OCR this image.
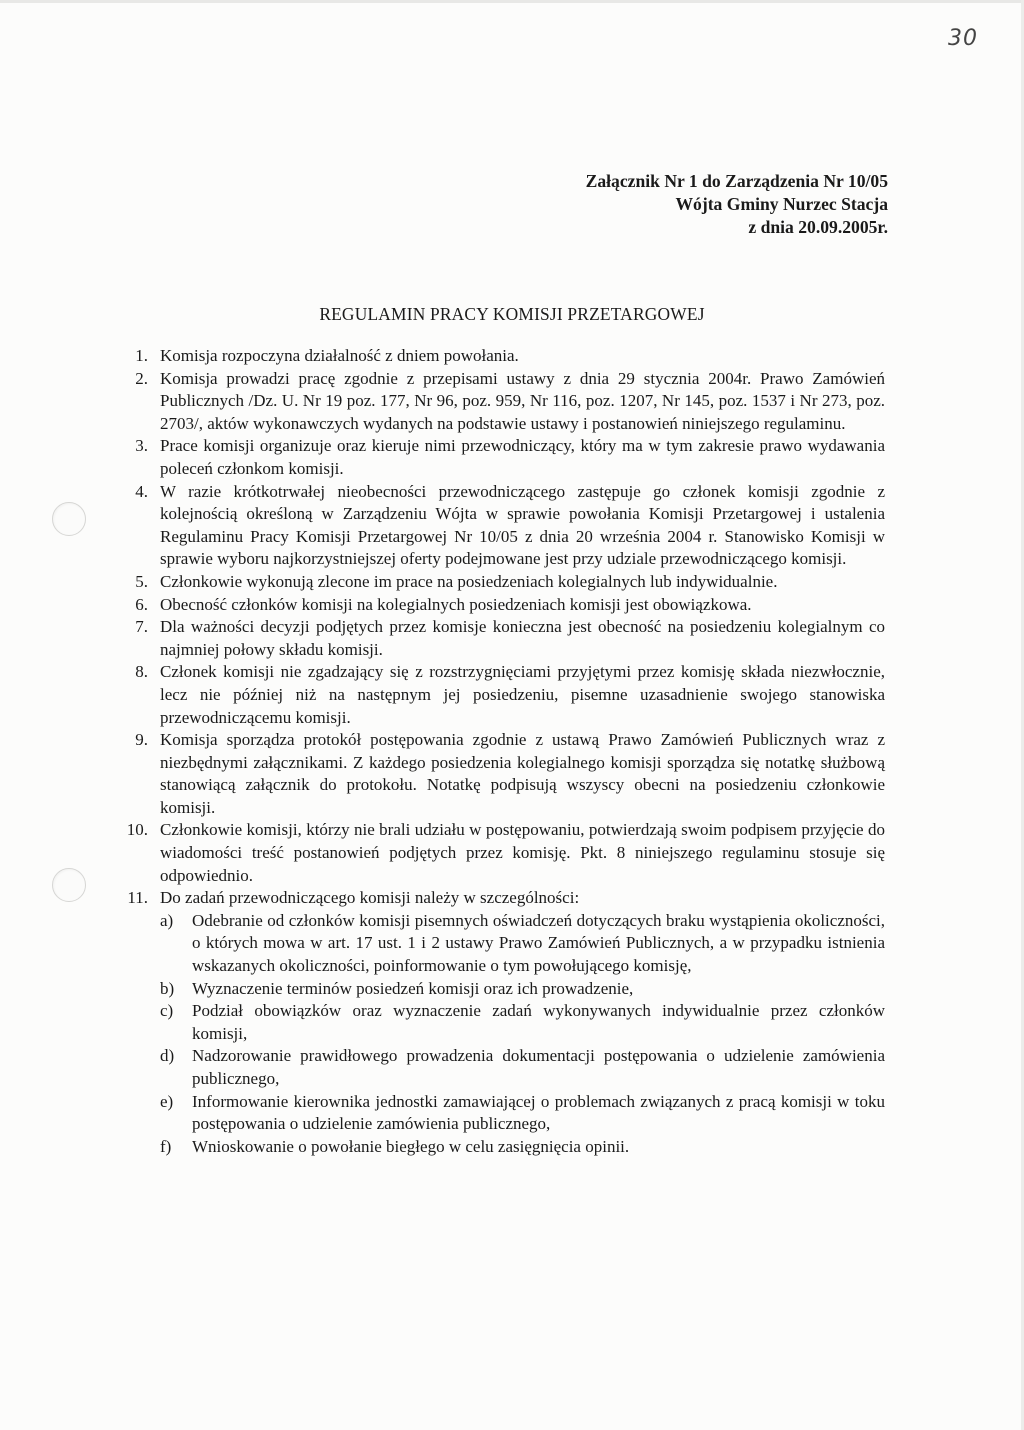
30
Załącznik Nr 1 do Zarządzenia Nr 10/05
Wójta Gminy Nurzec Stacja
z dnia 20.09.2005r.
REGULAMIN PRACY KOMISJI PRZETARGOWEJ
1. Komisja rozpoczyna działalność z dniem powołania.
2. Komisja prowadzi pracę zgodnie z przepisami ustawy z dnia 29 stycznia 2004r. Prawo Zamówień Publicznych /Dz. U. Nr 19 poz. 177, Nr 96, poz. 959, Nr 116, poz. 1207, Nr 145, poz. 1537 i Nr 273, poz. 2703/, aktów wykonawczych wydanych na podstawie ustawy i postanowień niniejszego regulaminu.
3. Prace komisji organizuje oraz kieruje nimi przewodniczący, który ma w tym zakresie prawo wydawania poleceń członkom komisji.
4. W razie krótkotrwałej nieobecności przewodniczącego zastępuje go członek komisji zgodnie z kolejnością określoną w Zarządzeniu Wójta w sprawie powołania Komisji Przetargowej i ustalenia Regulaminu Pracy Komisji Przetargowej Nr 10/05 z dnia 20 września 2004 r. Stanowisko Komisji w sprawie wyboru najkorzystniejszej oferty podejmowane jest przy udziale przewodniczącego komisji.
5. Członkowie wykonują zlecone im prace na posiedzeniach kolegialnych lub indywidualnie.
6. Obecność członków komisji na kolegialnych posiedzeniach komisji jest obowiązkowa.
7. Dla ważności decyzji podjętych przez komisje konieczna jest obecność na posiedzeniu kolegialnym co najmniej połowy składu komisji.
8. Członek komisji nie zgadzający się z rozstrzygnięciami przyjętymi przez komisję składa niezwłocznie, lecz nie później niż na następnym jej posiedzeniu, pisemne uzasadnienie swojego stanowiska przewodniczącemu komisji.
9. Komisja sporządza protokół postępowania zgodnie z ustawą Prawo Zamówień Publicznych wraz z niezbędnymi załącznikami. Z każdego posiedzenia kolegialnego komisji sporządza się notatkę służbową stanowiącą załącznik do protokołu. Notatkę podpisują wszyscy obecni na posiedzeniu członkowie komisji.
10. Członkowie komisji, którzy nie brali udziału w postępowaniu, potwierdzają swoim podpisem przyjęcie do wiadomości treść postanowień podjętych przez komisję. Pkt. 8 niniejszego regulaminu stosuje się odpowiednio.
11. Do zadań przewodniczącego komisji należy w szczególności:
a) Odebranie od członków komisji pisemnych oświadczeń dotyczących braku wystąpienia okoliczności, o których mowa w art. 17 ust. 1 i 2 ustawy Prawo Zamówień Publicznych, a w przypadku istnienia wskazanych okoliczności, poinformowanie o tym powołującego komisję,
b) Wyznaczenie terminów posiedzeń komisji oraz ich prowadzenie,
c) Podział obowiązków oraz wyznaczenie zadań wykonywanych indywidualnie przez członków komisji,
d) Nadzorowanie prawidłowego prowadzenia dokumentacji postępowania o udzielenie zamówienia publicznego,
e) Informowanie kierownika jednostki zamawiającej o problemach związanych z pracą komisji w toku postępowania o udzielenie zamówienia publicznego,
f) Wnioskowanie o powołanie biegłego w celu zasięgnięcia opinii.
